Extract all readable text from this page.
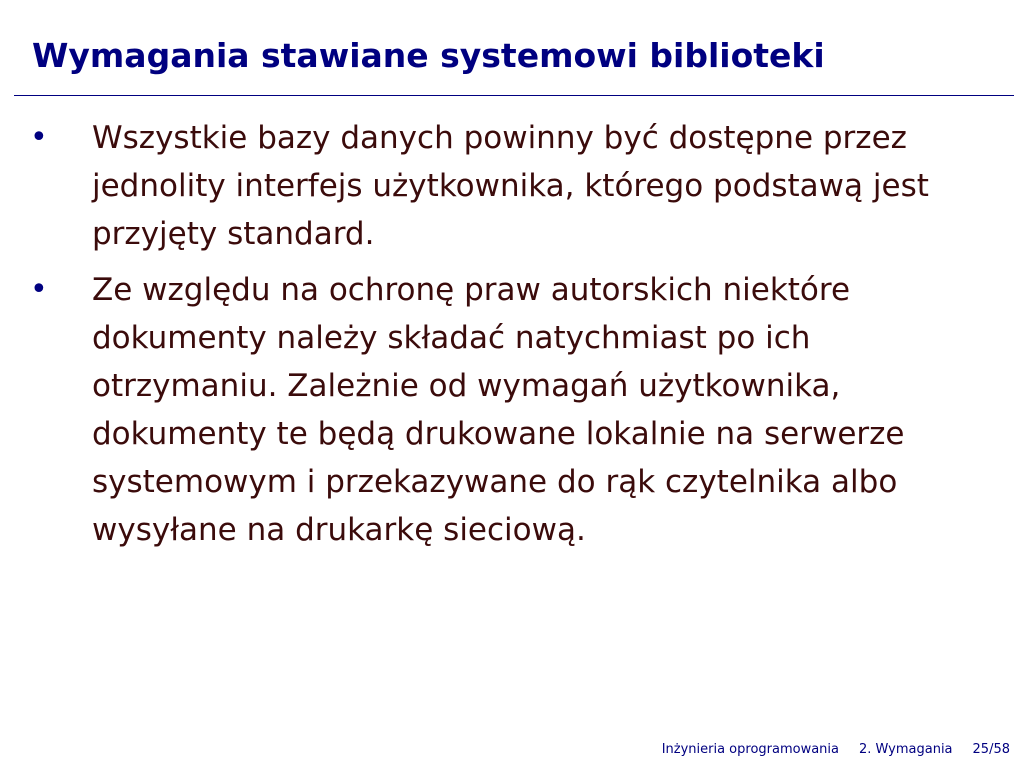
Wymagania stawiane systemowi biblioteki
• Wszystkie bazy danych powinny być dostępne przez jednolity interfejs użytkownika, którego podstawą jest przyjęty standard.
• Ze względu na ochronę praw autorskich niektóre dokumenty należy składać natychmiast po ich otrzymaniu. Zależnie od wymagań użytkownika, dokumenty te będą drukowane lokalnie na serwerze systemowym i przekazywane do rąk czytelnika albo wysyłane na drukarkę sieciową.
Inżynieria oprogramowania 2. Wymagania 25/58
